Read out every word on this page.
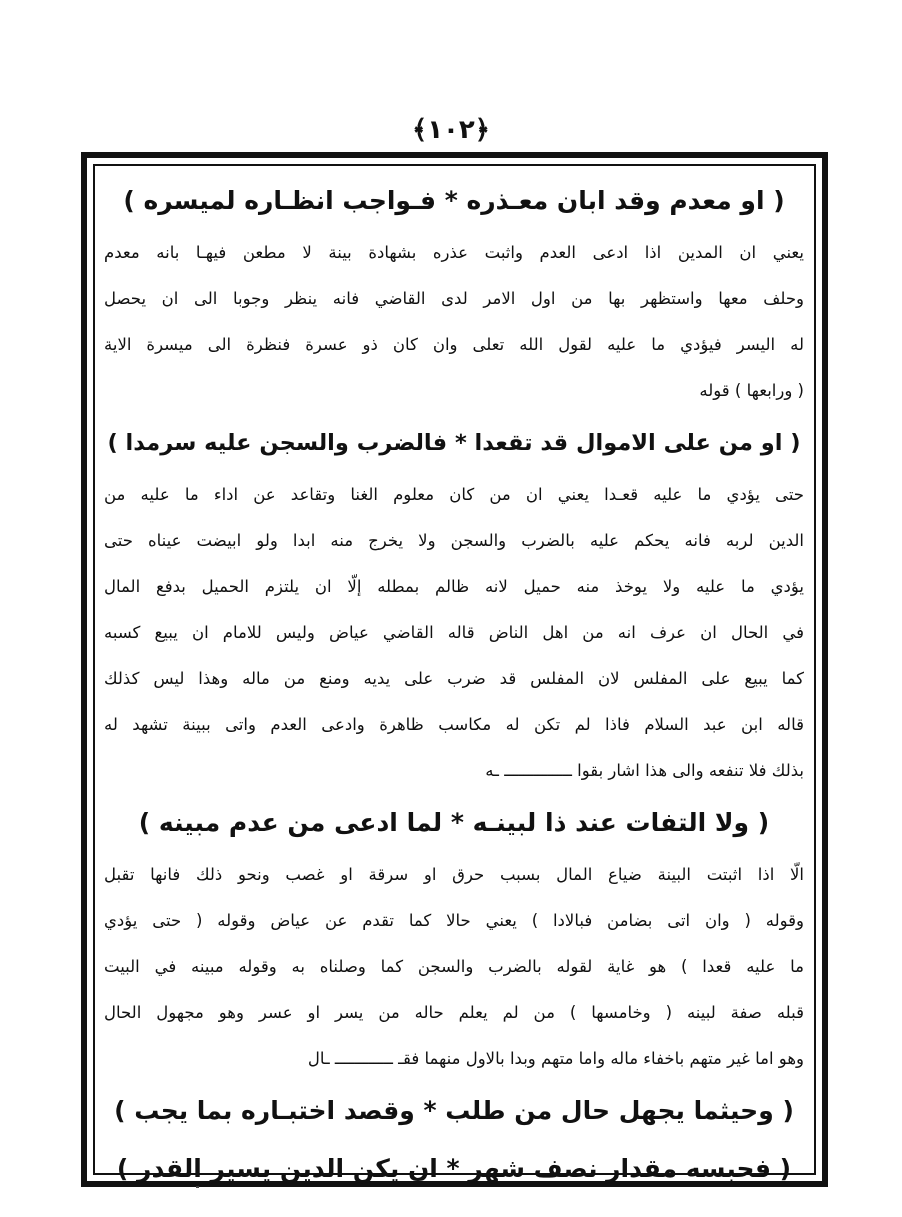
﴿١٠٢﴾
( او معدم وقد ابان معـذره * فـواجب انظـاره لميسره )
يعني ان المدين اذا ادعى العدم واثبت عذره بشهادة بينة لا مطعن فيهـا بانه معدم
وحلف معها واستظهر بها من اول الامر لدى القاضي فانه ينظر وجوبا الى ان يحصل
له اليسر فيؤدي ما عليه لقول الله تعلى وان كان ذو عسرة فنظرة الى ميسرة الاية
( ورابعها ) قوله
( او من على الاموال قد تقعدا * فالضرب والسجن عليه سرمدا )
حتى يؤدي ما عليه قعـدا يعني ان من كان معلوم الغنا وتقاعد عن اداء ما عليه من
الدين لربه فانه يحكم عليه بالضرب والسجن ولا يخرج منه ابدا ولو ابيضت عيناه حتى
يؤدي ما عليه ولا يوخذ منه حميل لانه ظالم بمطله إلّا ان يلتزم الحميل بدفع المال
في الحال ان عرف انه من اهل الناض قاله القاضي عياض وليس للامام ان يبيع كسبه
كما يبيع على المفلس لان المفلس قد ضرب على يديه ومنع من ماله وهذا ليس كذلك
قاله ابن عبد السلام فاذا لم تكن له مكاسب ظاهرة وادعى العدم واتى ببينة تشهد له
بذلك فلا تنفعه والى هذا اشار بقوا ــــــــــــــ ـه
( ولا التفات عند ذا لبينـه * لما ادعى من عدم مبينه )
الّا اذا اثبتت البينة ضياع المال بسبب حرق او سرقة او غصب ونحو ذلك فانها تقبل
وقوله ( وان اتى بضامن فبالادا ) يعني حالا كما تقدم عن عياض وقوله ( حتى يؤدي
ما عليه قعدا ) هو غاية لقوله بالضرب والسجن كما وصلناه به وقوله مبينه في البيت
قبله صفة لبينه ( وخامسها ) من لم يعلم حاله من يسر او عسر وهو مجهول الحال
وهو اما غير متهم باخفاء ماله واما متهم وبدا بالاول منهما فقـ ــــــــــــ ـال
( وحيثما يجهل حال من طلب * وقصد اختبـاره بما يجب )
( فحبسه مقدار نصف شهر * ان يكن الدين يسير القدر )
